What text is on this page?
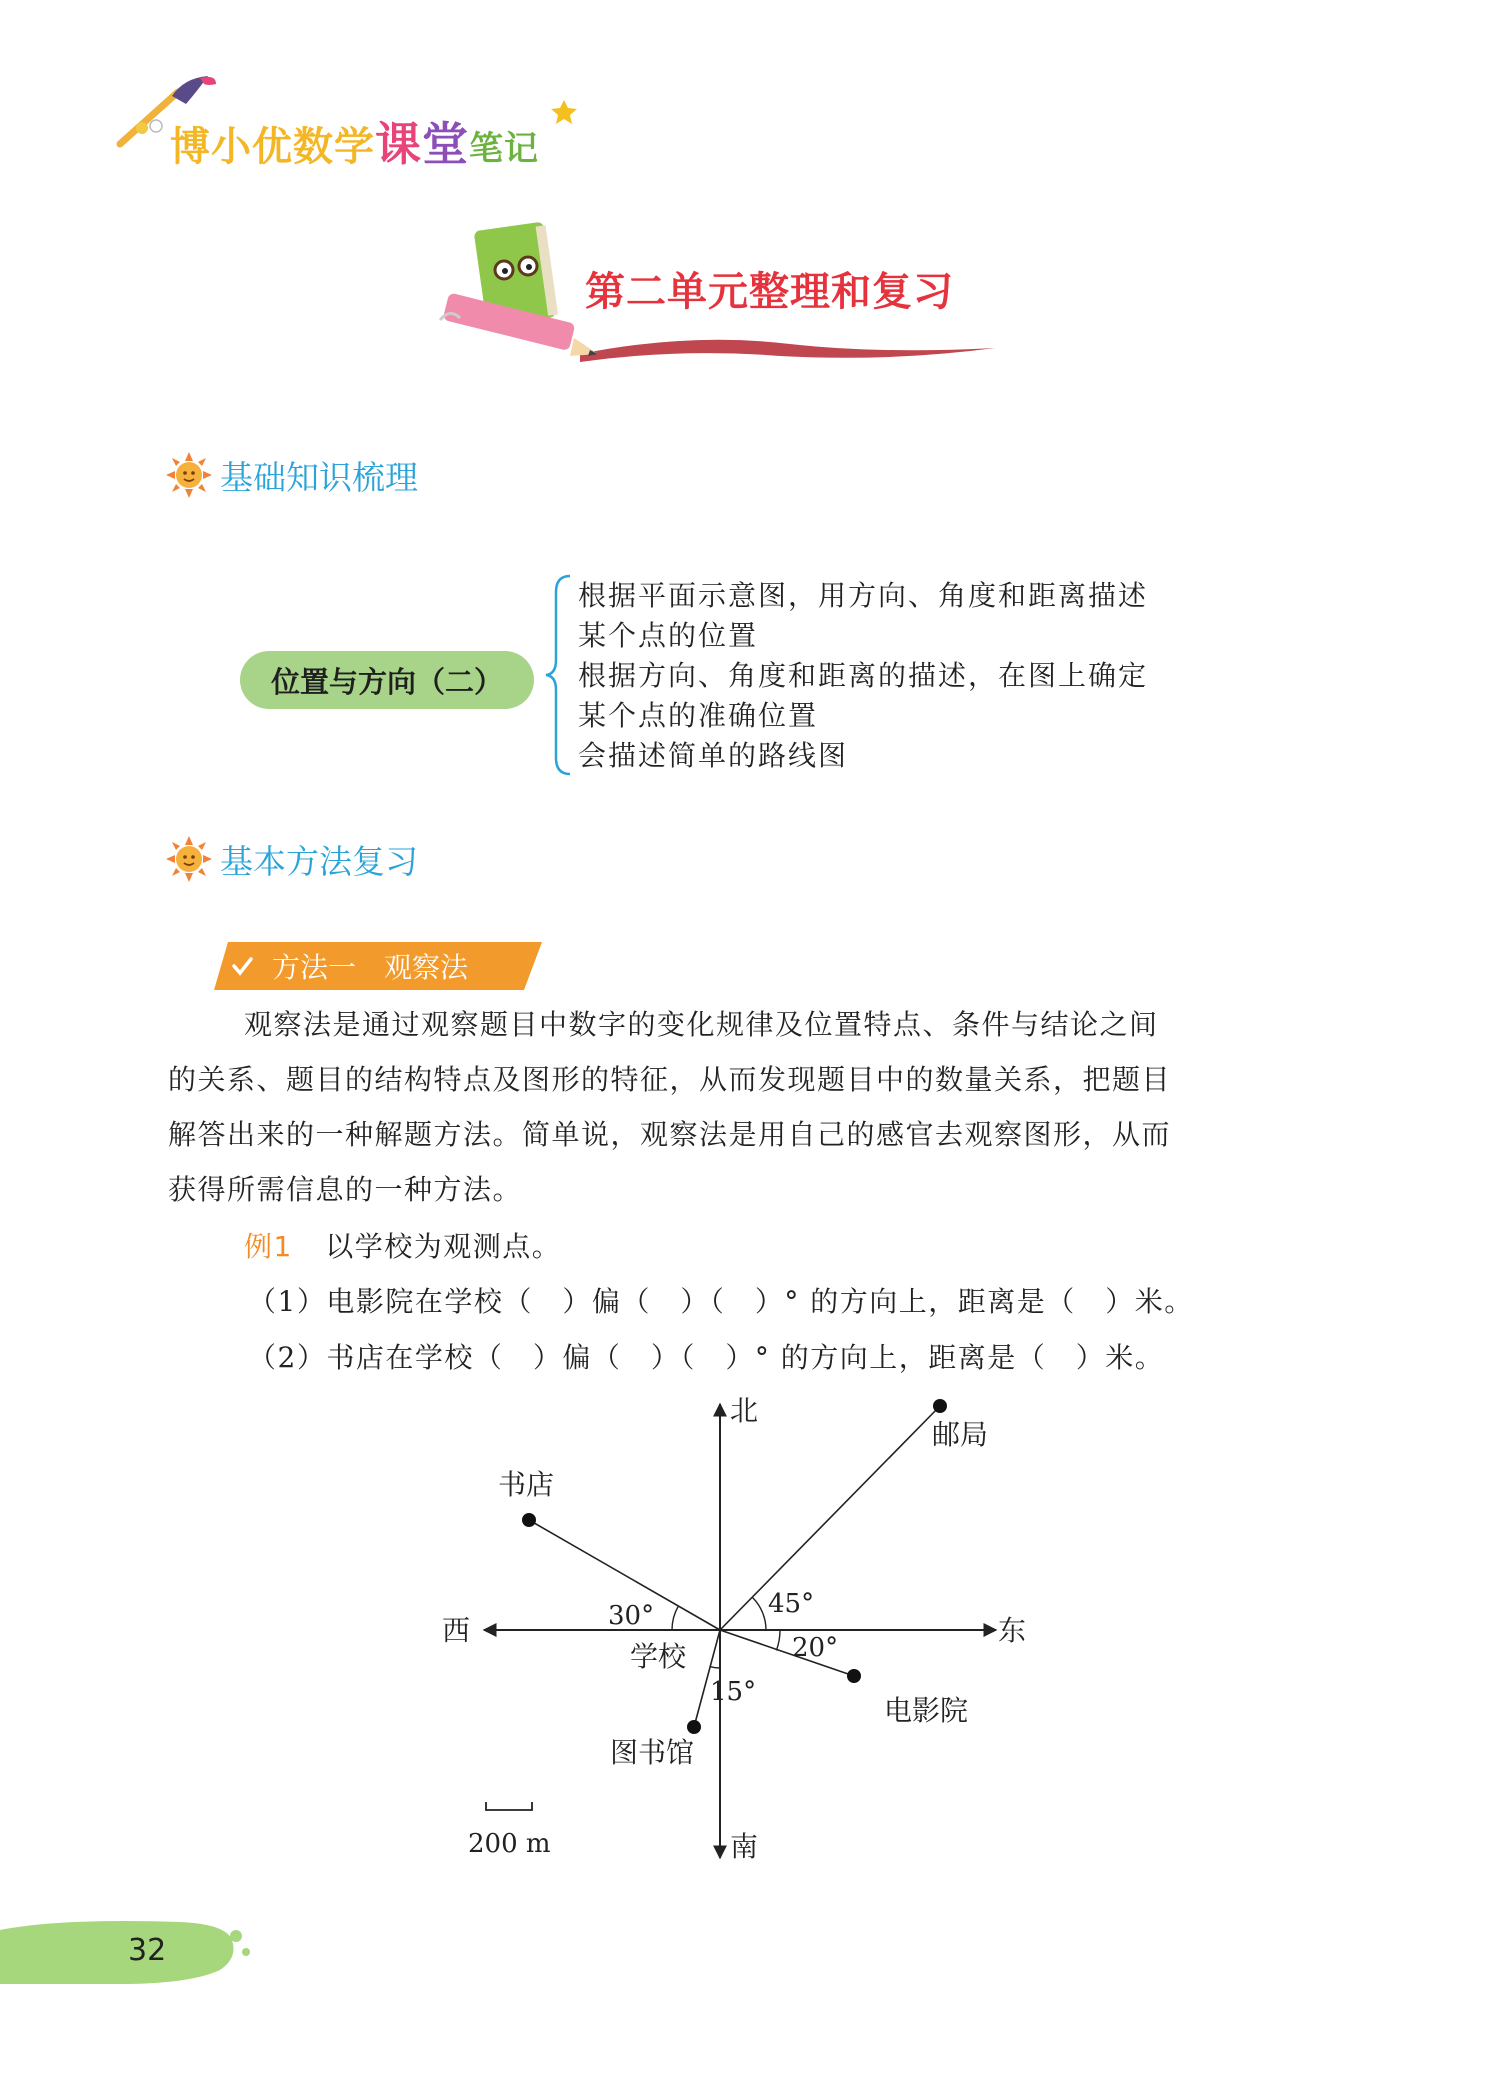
博小优数学课堂笔记
第二单元整理和复习
基础知识梳理
位置与方向（二）
根据平面示意图，用方向、角度和距离描述
某个点的位置
根据方向、角度和距离的描述，在图上确定
某个点的准确位置
会描述简单的路线图
基本方法复习
方法一　观察法
观察法是通过观察题目中数字的变化规律及位置特点、条件与结论之间
的关系、题目的结构特点及图形的特征，从而发现题目中的数量关系，把题目
解答出来的一种解题方法。简单说，观察法是用自己的感官去观察图形，从而
获得所需信息的一种方法。
例1 以学校为观测点。
（1）电影院在学校（　）偏（　）（　）° 的方向上，距离是（　）米。
（2）书店在学校（　）偏（　）（　）° 的方向上，距离是（　）米。
北
南
东
西
学校
邮局
书店
电影院
图书馆
30°	45°
20°
15°
200 m
32
